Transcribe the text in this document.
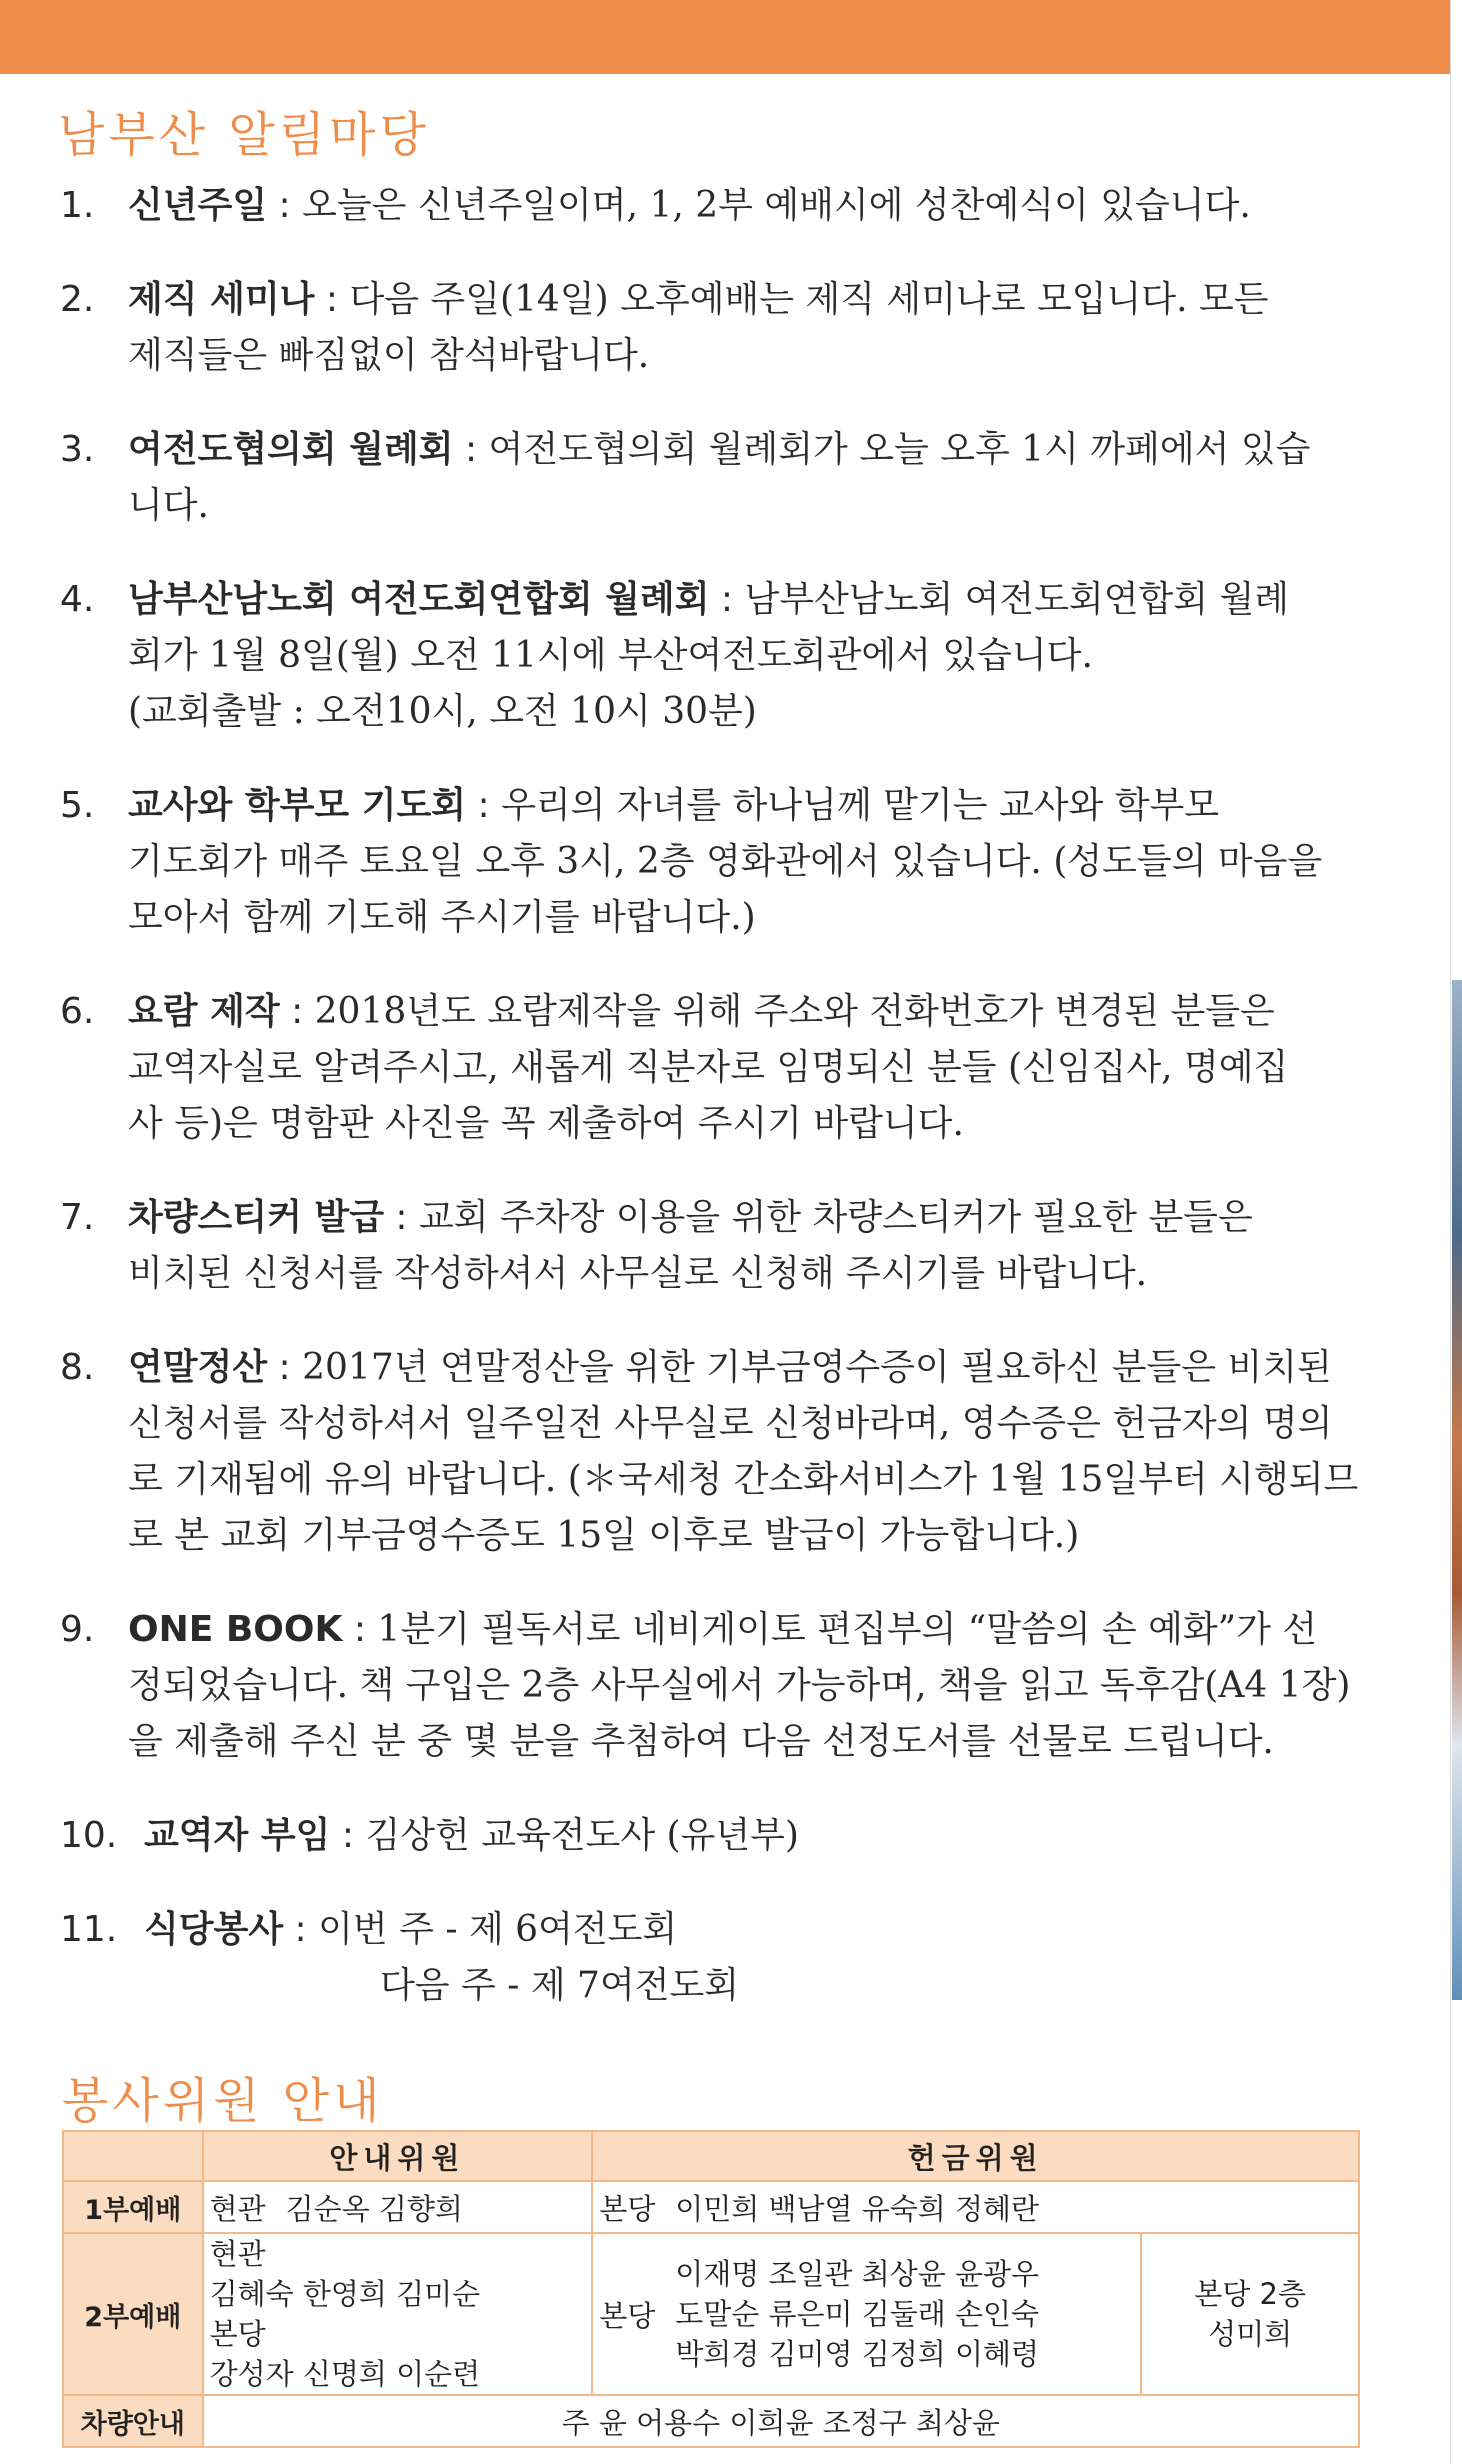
남부산 알림마당
1. 신년주일 : 오늘은 신년주일이며, 1, 2부 예배시에 성찬예식이 있습니다.
2. 제직 세미나 : 다음 주일(14일) 오후예배는 제직 세미나로 모입니다. 모든
제직들은 빠짐없이 참석바랍니다.
3. 여전도협의회 월례회 : 여전도협의회 월례회가 오늘 오후 1시 까페에서 있습
니다.
4. 남부산남노회 여전도회연합회 월례회 : 남부산남노회 여전도회연합회 월례
회가 1월 8일(월) 오전 11시에 부산여전도회관에서 있습니다.
(교회출발 : 오전10시, 오전 10시 30분)
5. 교사와 학부모 기도회 : 우리의 자녀를 하나님께 맡기는 교사와 학부모
기도회가 매주 토요일 오후 3시, 2층 영화관에서 있습니다. (성도들의 마음을
모아서 함께 기도해 주시기를 바랍니다.)
6. 요람 제작 : 2018년도 요람제작을 위해 주소와 전화번호가 변경된 분들은
교역자실로 알려주시고, 새롭게 직분자로 임명되신 분들 (신임집사, 명예집
사 등)은 명함판 사진을 꼭 제출하여 주시기 바랍니다.
7. 차량스티커 발급 : 교회 주차장 이용을 위한 차량스티커가 필요한 분들은
비치된 신청서를 작성하셔서 사무실로 신청해 주시기를 바랍니다.
8. 연말정산 : 2017년 연말정산을 위한 기부금영수증이 필요하신 분들은 비치된
신청서를 작성하셔서 일주일전 사무실로 신청바라며, 영수증은 헌금자의 명의
로 기재됨에 유의 바랍니다. (＊국세청 간소화서비스가 1월 15일부터 시행되므
로 본 교회 기부금영수증도 15일 이후로 발급이 가능합니다.)
9. ONE BOOK : 1분기 필독서로 네비게이토 편집부의 “말씀의 손 예화”가 선
정되었습니다. 책 구입은 2층 사무실에서 가능하며, 책을 읽고 독후감(A4 1장)
을 제출해 주신 분 중 몇 분을 추첨하여 다음 선정도서를 선물로 드립니다.
10. 교역자 부임 : 김상헌 교육전도사 (유년부)
11. 식당봉사 : 이번 주 - 제 6여전도회
다음 주 - 제 7여전도회
봉사위원 안내
	안내위원	헌금위원	
1부예배	현관 김순옥 김향희	본당 이민희 백남열 유숙희 정혜란	
2부예배	현관
김혜숙 한영희 김미순
본당
강성자 신명희 이순련	본당
이재명 조일관 최상윤 윤광우
도말순 류은미 김둘래 손인숙
박희경 김미영 김정희 이혜령	본당 2층
성미희

차량안내	주 윤 어용수 이희윤 조정구 최상윤		
